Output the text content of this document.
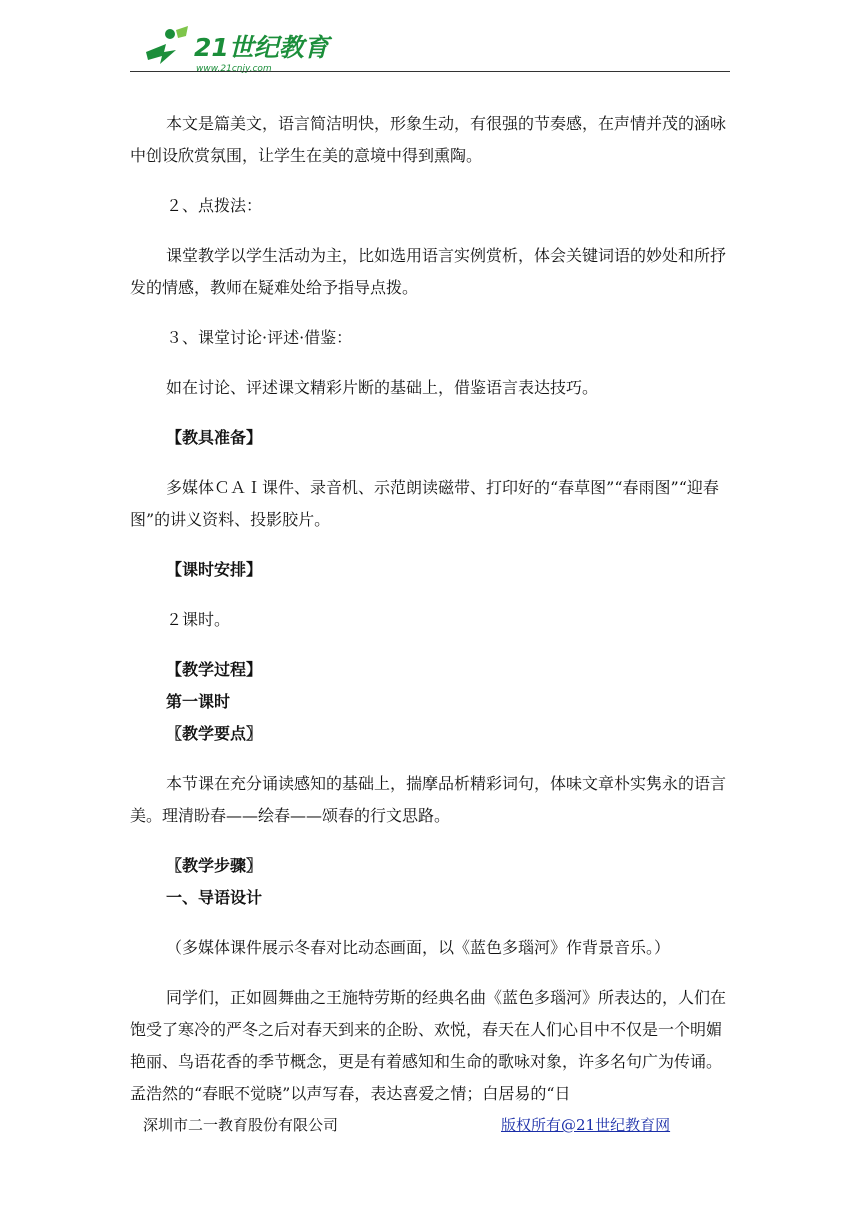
21世纪教育
www.21cnjy.com

本文是篇美文，语言简洁明快，形象生动，有很强的节奏感，在声情并茂的涵咏中创设欣赏氛围，让学生在美的意境中得到熏陶。

２、点拨法：

课堂教学以学生活动为主，比如选用语言实例赏析，体会关键词语的妙处和所抒发的情感，教师在疑难处给予指导点拨。

３、课堂讨论·评述·借鉴：

如在讨论、评述课文精彩片断的基础上，借鉴语言表达技巧。

【教具准备】

多媒体ＣＡＩ课件、录音机、示范朗读磁带、打印好的“春草图”“春雨图”“迎春图”的讲义资料、投影胶片。

【课时安排】

２课时。

【教学过程】

第一课时

〖教学要点〗

本节课在充分诵读感知的基础上，揣摩品析精彩词句，体味文章朴实隽永的语言美。理清盼春——绘春——颂春的行文思路。

〖教学步骤〗

一、导语设计

（多媒体课件展示冬春对比动态画面，以《蓝色多瑙河》作背景音乐。）

同学们，正如圆舞曲之王施特劳斯的经典名曲《蓝色多瑙河》所表达的，人们在饱受了寒冷的严冬之后对春天到来的企盼、欢悦，春天在人们心目中不仅是一个明媚艳丽、鸟语花香的季节概念，更是有着感知和生命的歌咏对象，许多名句广为传诵。孟浩然的“春眠不觉晓”以声写春，表达喜爱之情；白居易的“日

深圳市二一教育股份有限公司	版权所有@21世纪教育网
